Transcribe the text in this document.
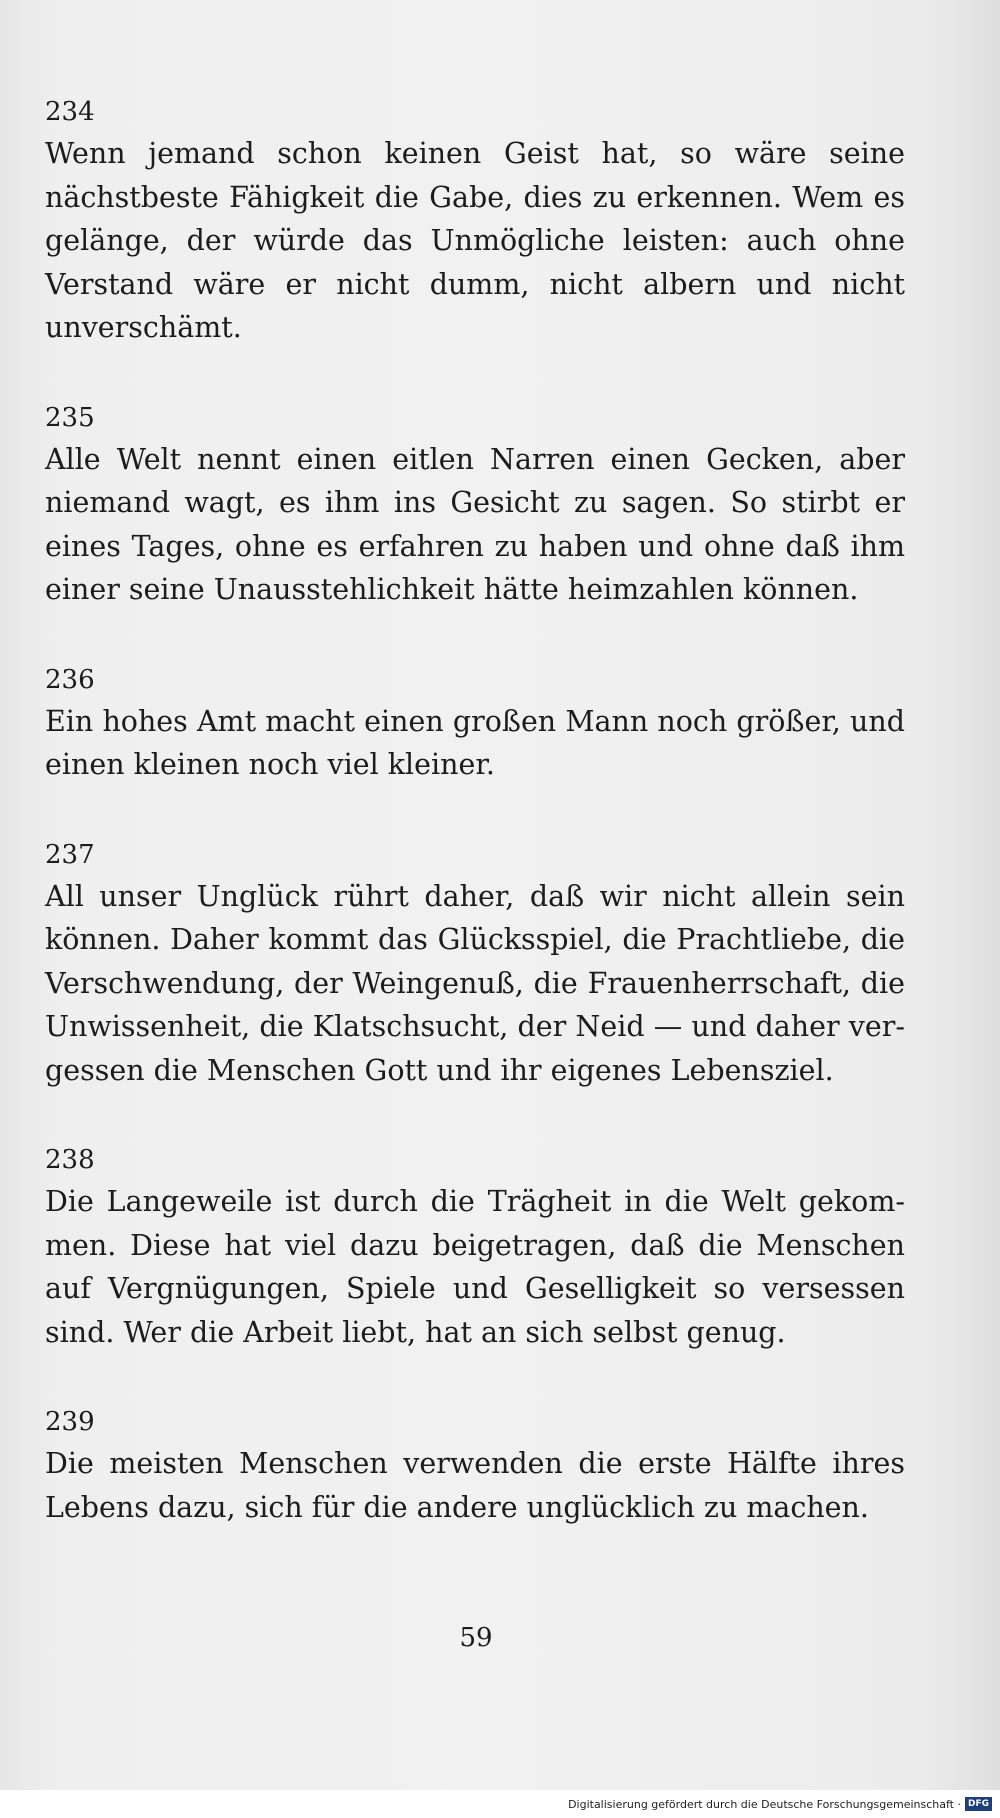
234

Wenn jemand schon keinen Geist hat, so wäre seine nächstbeste Fähigkeit die Gabe, dies zu erkennen. Wem es gelänge, der würde das Unmögliche leisten: auch ohne Verstand wäre er nicht dumm, nicht albern und nicht unverschämt.

235

Alle Welt nennt einen eitlen Narren einen Gecken, aber niemand wagt, es ihm ins Gesicht zu sagen. So stirbt er eines Tages, ohne es erfahren zu haben und ohne daß ihm einer seine Unausstehlichkeit hätte heimzahlen können.

236

Ein hohes Amt macht einen großen Mann noch größer, und einen kleinen noch viel kleiner.

237

All unser Unglück rührt daher, daß wir nicht allein sein können. Daher kommt das Glücksspiel, die Prachtliebe, die Verschwendung, der Weingenuß, die Frauenherrschaft, die Unwissenheit, die Klatschsucht, der Neid — und daher vergessen die Menschen Gott und ihr eigenes Lebensziel.

238

Die Langeweile ist durch die Trägheit in die Welt gekommen. Diese hat viel dazu beigetragen, daß die Menschen auf Vergnügungen, Spiele und Geselligkeit so versessen sind. Wer die Arbeit liebt, hat an sich selbst genug.

239

Die meisten Menschen verwenden die erste Hälfte ihres Lebens dazu, sich für die andere unglücklich zu machen.

59
Digitalisierung gefördert durch die Deutsche Forschungsgemeinschaft · DFG
